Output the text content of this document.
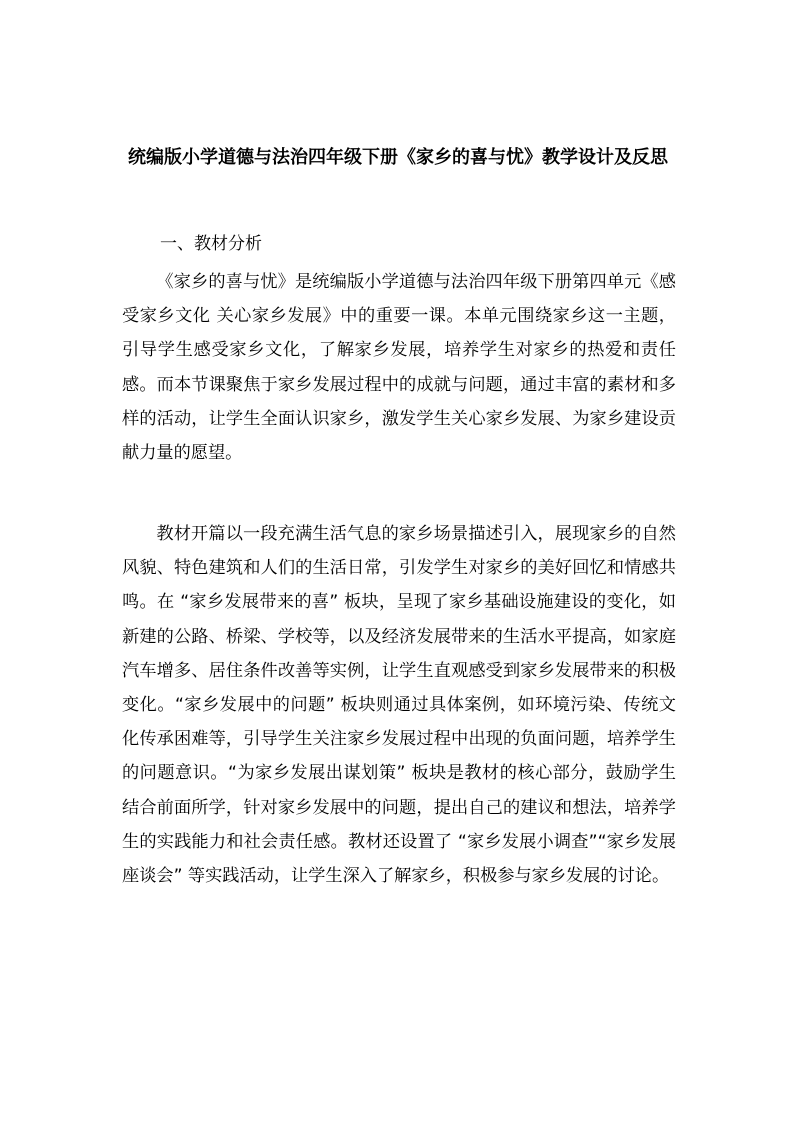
统编版小学道德与法治四年级下册《家乡的喜与忧》教学设计及反思
一、教材分析

《家乡的喜与忧》是统编版小学道德与法治四年级下册第四单元《感受家乡文化 关心家乡发展》中的重要一课。本单元围绕家乡这一主题，引导学生感受家乡文化，了解家乡发展，培养学生对家乡的热爱和责任感。而本节课聚焦于家乡发展过程中的成就与问题，通过丰富的素材和多样的活动，让学生全面认识家乡，激发学生关心家乡发展、为家乡建设贡献力量的愿望。

教材开篇以一段充满生活气息的家乡场景描述引入，展现家乡的自然风貌、特色建筑和人们的生活日常，引发学生对家乡的美好回忆和情感共鸣。在 “家乡发展带来的喜” 板块，呈现了家乡基础设施建设的变化，如新建的公路、桥梁、学校等，以及经济发展带来的生活水平提高，如家庭汽车增多、居住条件改善等实例，让学生直观感受到家乡发展带来的积极变化。“家乡发展中的问题” 板块则通过具体案例，如环境污染、传统文化传承困难等，引导学生关注家乡发展过程中出现的负面问题，培养学生的问题意识。“为家乡发展出谋划策” 板块是教材的核心部分，鼓励学生结合前面所学，针对家乡发展中的问题，提出自己的建议和想法，培养学生的实践能力和社会责任感。教材还设置了 “家乡发展小调查”“家乡发展座谈会” 等实践活动，让学生深入了解家乡，积极参与家乡发展的讨论。
